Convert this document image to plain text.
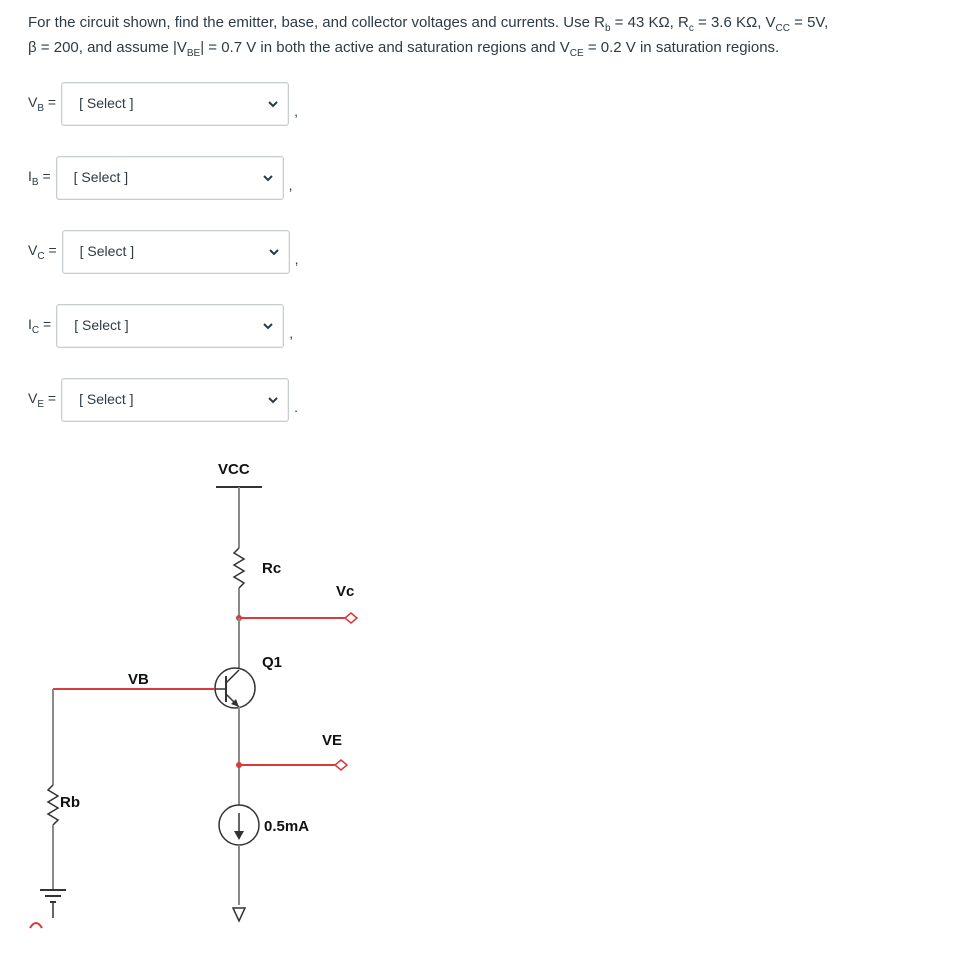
For the circuit shown, find the emitter, base, and collector voltages and currents. Use $R_b = 43$ KΩ, $R_c = 3.6$ KΩ, $V_{CC} = 5V$,
β = 200, and assume $|V_{BE}| = 0.7$ V in both the active and saturation regions and $V_{CE} = 0.2$ V in saturation regions.
$V_B$ = [ Select ]	,
$I_B$ = [ Select ]	,
$V_C$ = [ Select ]	,
$I_C$ = [ Select ]	,
$V_E$ = [ Select ]	.
VCC
Rc
Vc
Q1
VB
VE
Rb
0.5mA
